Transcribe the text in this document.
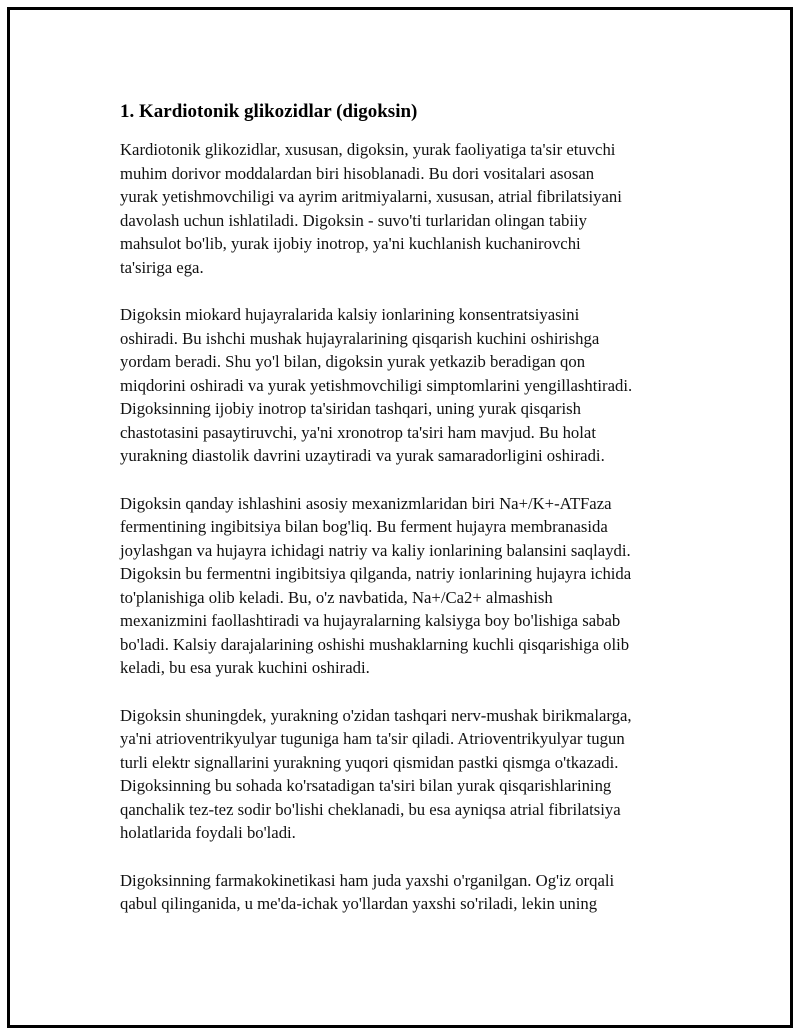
1. Kardiotonik glikozidlar (digoksin)
Kardiotonik glikozidlar, xususan, digoksin, yurak faoliyatiga ta'sir etuvchi
muhim dorivor moddalardan biri hisoblanadi. Bu dori vositalari asosan
yurak yetishmovchiligi va ayrim aritmiyalarni, xususan, atrial fibrilatsiyani
davolash uchun ishlatiladi. Digoksin - suvo'ti turlaridan olingan tabiiy
mahsulot bo'lib, yurak ijobiy inotrop, ya'ni kuchlanish kuchanirovchi
ta'siriga ega.
Digoksin miokard hujayralarida kalsiy ionlarining konsentratsiyasini
oshiradi. Bu ishchi mushak hujayralarining qisqarish kuchini oshirishga
yordam beradi. Shu yo'l bilan, digoksin yurak yetkazib beradigan qon
miqdorini oshiradi va yurak yetishmovchiligi simptomlarini yengillashtiradi.
Digoksinning ijobiy inotrop ta'siridan tashqari, uning yurak qisqarish
chastotasini pasaytiruvchi, ya'ni xronotrop ta'siri ham mavjud. Bu holat
yurakning diastolik davrini uzaytiradi va yurak samaradorligini oshiradi.
Digoksin qanday ishlashini asosiy mexanizmlaridan biri Na+/K+-ATFaza
fermentining ingibitsiya bilan bog'liq. Bu ferment hujayra membranasida
joylashgan va hujayra ichidagi natriy va kaliy ionlarining balansini saqlaydi.
Digoksin bu fermentni ingibitsiya qilganda, natriy ionlarining hujayra ichida
to'planishiga olib keladi. Bu, o'z navbatida, Na+/Ca2+ almashish
mexanizmini faollashtiradi va hujayralarning kalsiyga boy bo'lishiga sabab
bo'ladi. Kalsiy darajalarining oshishi mushaklarning kuchli qisqarishiga olib
keladi, bu esa yurak kuchini oshiradi.
Digoksin shuningdek, yurakning o'zidan tashqari nerv-mushak birikmalarga,
ya'ni atrioventrikyulyar tuguniga ham ta'sir qiladi. Atrioventrikyulyar tugun
turli elektr signallarini yurakning yuqori qismidan pastki qismga o'tkazadi.
Digoksinning bu sohada ko'rsatadigan ta'siri bilan yurak qisqarishlarining
qanchalik tez-tez sodir bo'lishi cheklanadi, bu esa ayniqsa atrial fibrilatsiya
holatlarida foydali bo'ladi.
Digoksinning farmakokinetikasi ham juda yaxshi o'rganilgan. Og'iz orqali
qabul qilinganida, u me'da-ichak yo'llardan yaxshi so'riladi, lekin uning
